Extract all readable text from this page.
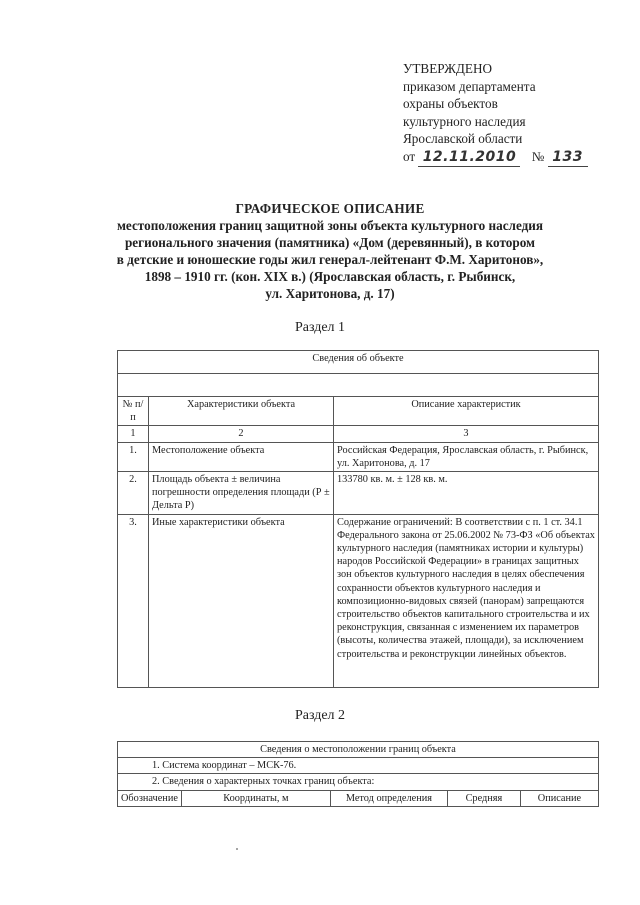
УТВЕРЖДЕНО
приказом департамента
охраны объектов
культурного наследия
Ярославской области
от 12.11.2010 № 133
ГРАФИЧЕСКОЕ ОПИСАНИЕ
местоположения границ защитной зоны объекта культурного наследия
регионального значения (памятника) «Дом (деревянный), в котором
в детские и юношеские годы жил генерал-лейтенант Ф.М. Харитонов»,
1898 – 1910 гг. (кон. XIX в.) (Ярославская область, г. Рыбинск,
ул. Харитонова, д. 17)
Раздел 1
Сведения об объекте		

№ п/п	Характеристики объекта	Описание характеристик
1	2	3
1.	Местоположение объекта	Российская Федерация, Ярославская область, г. Рыбинск, ул. Харитонова, д. 17
2.	Площадь объекта ± величина погрешности определения площади (Р ± Дельта Р)	133780 кв. м. ± 128 кв. м.
3.	Иные характеристики объекта	Содержание ограничений: В соответствии с п. 1 ст. 34.1 Федерального закона от 25.06.2002 № 73-ФЗ «Об объектах культурного наследия (памятниках истории и культуры) народов Российской Федерации» в границах защитных зон объектов культурного наследия в целях обеспечения сохранности объектов культурного наследия и композиционно-видовых связей (панорам) запрещаются строительство объектов капитального строительства и их реконструкция, связанная с изменением их параметров (высоты, количества этажей, площади), за исключением строительства и реконструкции линейных объектов.
Раздел 2
Сведения о местоположении границ объекта
1. Система координат – МСК-76.
2. Сведения о характерных точках границ объекта:
Обозначение	Координаты, м	Метод определения	Средняя	Описание
